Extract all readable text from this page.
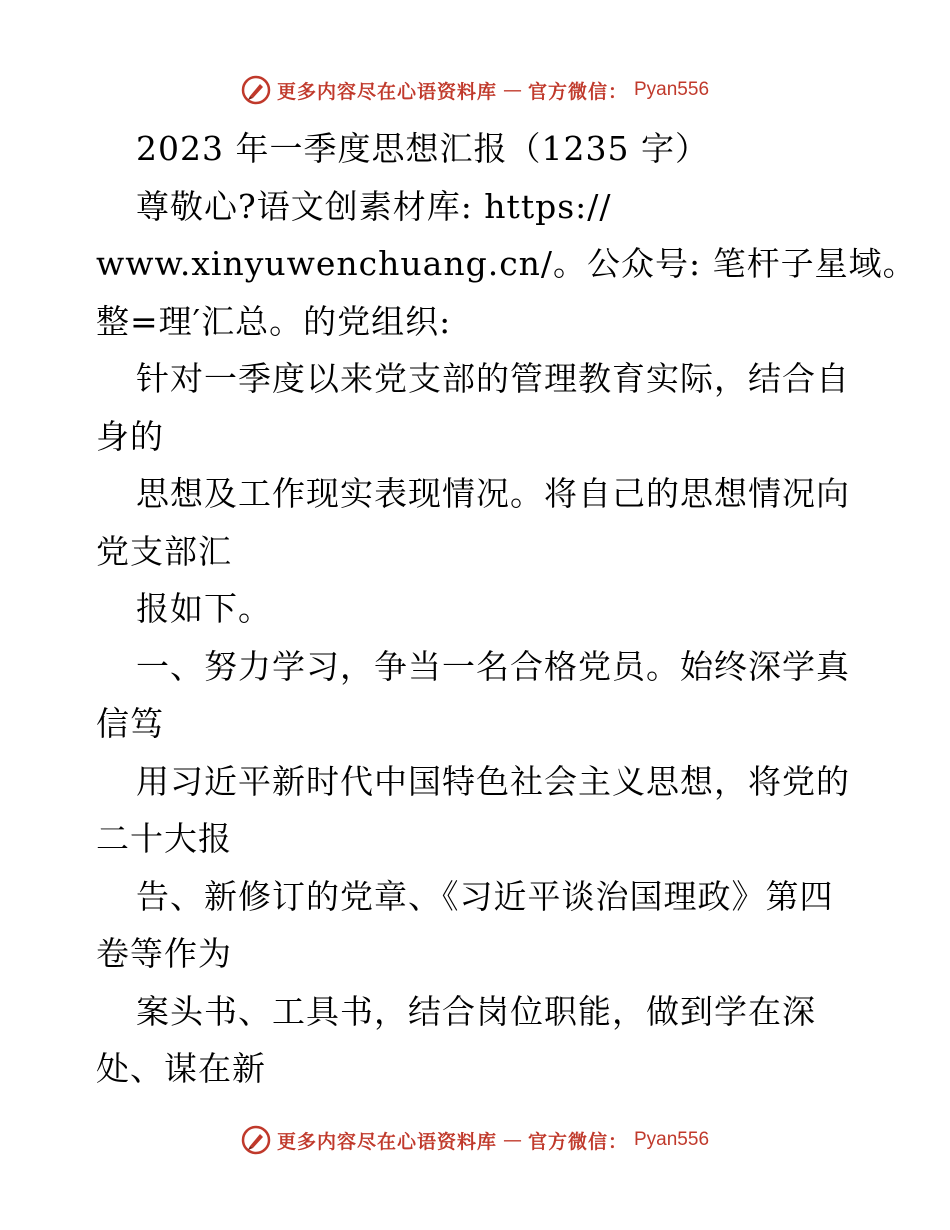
更多内容尽在心语资料库 — 官方微信： Pyan556
2023 年一季度思想汇报（1235 字）
尊敬心?语文创素材库: https://
www.xinyuwenchuang.cn/。公众号: 笔杆子星域。
整=理′汇总。的党组织:
针对一季度以来党支部的管理教育实际，结合自
身的
思想及工作现实表现情况。将自己的思想情况向
党支部汇
报如下。
一、努力学习，争当一名合格党员。始终深学真
信笃
用习近平新时代中国特色社会主义思想，将党的
二十大报
告、新修订的党章、《习近平谈治国理政》第四
卷等作为
案头书、工具书，结合岗位职能，做到学在深
处、谋在新
更多内容尽在心语资料库 — 官方微信： Pyan556
